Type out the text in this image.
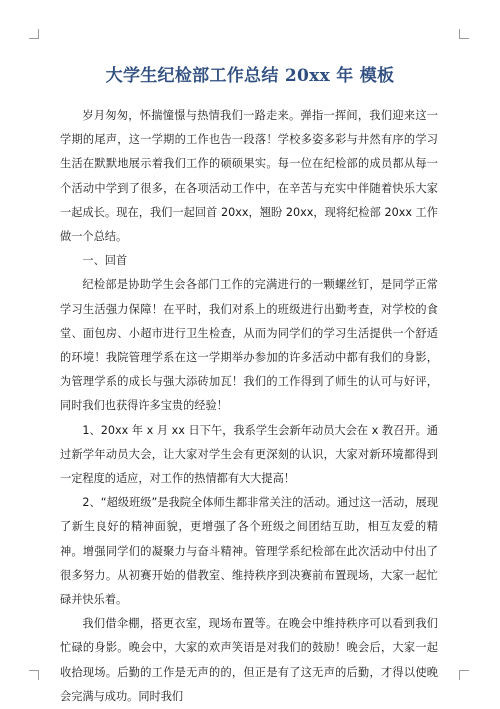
大学生纪检部工作总结 20xx 年 模板

岁月匆匆，怀揣憧憬与热情我们一路走来。弹指一挥间，我们迎来这一学期的尾声，这一学期的工作也告一段落！学校多姿多彩与井然有序的学习生活在默默地展示着我们工作的硕硕果实。每一位在纪检部的成员都从每一个活动中学到了很多，在各项活动工作中，在辛苦与充实中伴随着快乐大家一起成长。现在，我们一起回首 20xx，翘盼 20xx，现将纪检部 20xx 工作做一个总结。

一、回首

纪检部是协助学生会各部门工作的完满进行的一颗螺丝钉，是同学正常学习生活强力保障！在平时，我们对系上的班级进行出勤考查，对学校的食堂、面包房、小超市进行卫生检查，从而为同学们的学习生活提供一个舒适的环境！我院管理学系在这一学期举办参加的许多活动中都有我们的身影，为管理学系的成长与强大添砖加瓦！我们的工作得到了师生的认可与好评，同时我们也获得许多宝贵的经验！

1、20xx 年 x 月 xx 日下午，我系学生会新年动员大会在 x 教召开。通过新学年动员大会，让大家对学生会有更深刻的认识，大家对新环境都得到一定程度的适应，对工作的热情都有大大提高！

2、“超级班级”是我院全体师生都非常关注的活动。通过这一活动，展现了新生良好的精神面貌，更增强了各个班级之间团结互助，相互友爱的精神。增强同学们的凝聚力与奋斗精神。管理学系纪检部在此次活动中付出了很多努力。从初赛开始的借教室、维持秩序到决赛前布置现场，大家一起忙碌并快乐着。

我们借伞棚，搭更衣室，现场布置等。在晚会中维持秩序可以看到我们忙碌的身影。晚会中，大家的欢声笑语是对我们的鼓励！晚会后，大家一起收拾现场。后勤的工作是无声的的，但正是有了这无声的后勤，才得以使晚会完满与成功。同时我们
